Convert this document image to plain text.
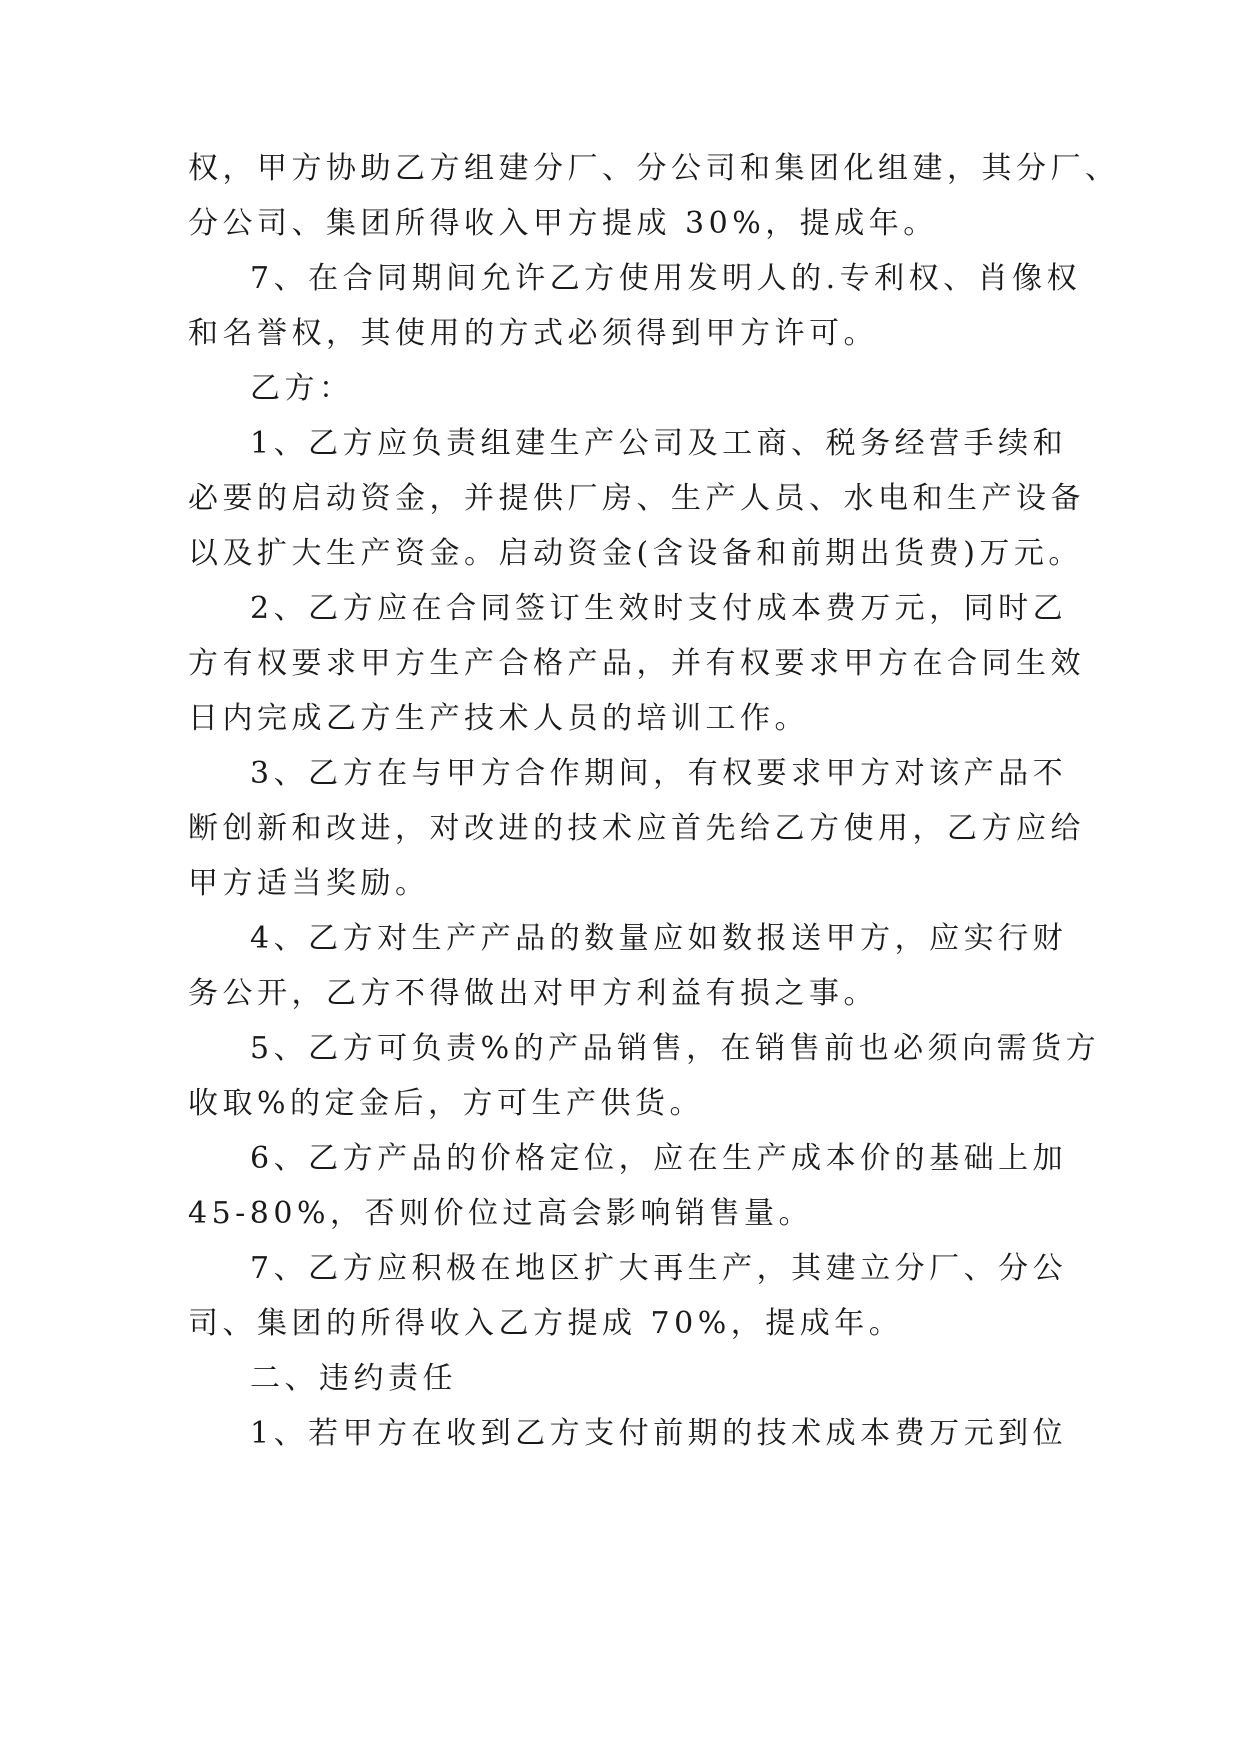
权，甲方协助乙方组建分厂、分公司和集团化组建，其分厂、
分公司、集团所得收入甲方提成 30%，提成年。
7、在合同期间允许乙方使用发明人的.专利权、肖像权
和名誉权，其使用的方式必须得到甲方许可。
乙方：
1、乙方应负责组建生产公司及工商、税务经营手续和
必要的启动资金，并提供厂房、生产人员、水电和生产设备
以及扩大生产资金。启动资金(含设备和前期出货费)万元。
2、乙方应在合同签订生效时支付成本费万元，同时乙
方有权要求甲方生产合格产品，并有权要求甲方在合同生效
日内完成乙方生产技术人员的培训工作。
3、乙方在与甲方合作期间，有权要求甲方对该产品不
断创新和改进，对改进的技术应首先给乙方使用，乙方应给
甲方适当奖励。
4、乙方对生产产品的数量应如数报送甲方，应实行财
务公开，乙方不得做出对甲方利益有损之事。
5、乙方可负责%的产品销售，在销售前也必须向需货方
收取%的定金后，方可生产供货。
6、乙方产品的价格定位，应在生产成本价的基础上加
45-80%，否则价位过高会影响销售量。
7、乙方应积极在地区扩大再生产，其建立分厂、分公
司、集团的所得收入乙方提成 70%，提成年。
二、违约责任
1、若甲方在收到乙方支付前期的技术成本费万元到位
